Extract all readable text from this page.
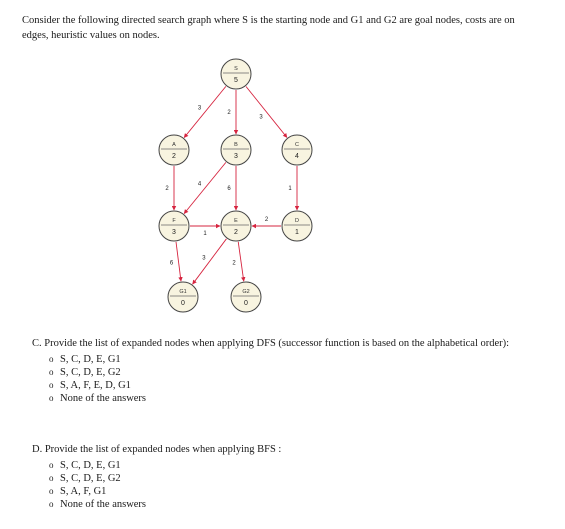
Consider the following directed search graph where S is the starting node and G1 and G2 are goal nodes, costs are on edges, heuristic values on nodes.
3
2
3
2
4
6	1
1
2
6
3
2
S
5
A
2
B
3
C
4
F
3
E
2
D
1
G1
0
G2
0

C. Provide the list of expanded nodes when applying DFS (successor function is based on the alphabetical order):

o S, C, D, E, G1
o S, C, D, E, G2
o S, A, F, E, D, G1
o None of the answers

D. Provide the list of expanded nodes when applying BFS :

o S, C, D, E, G1
o S, C, D, E, G2
o S, A, F, G1
o None of the answers
